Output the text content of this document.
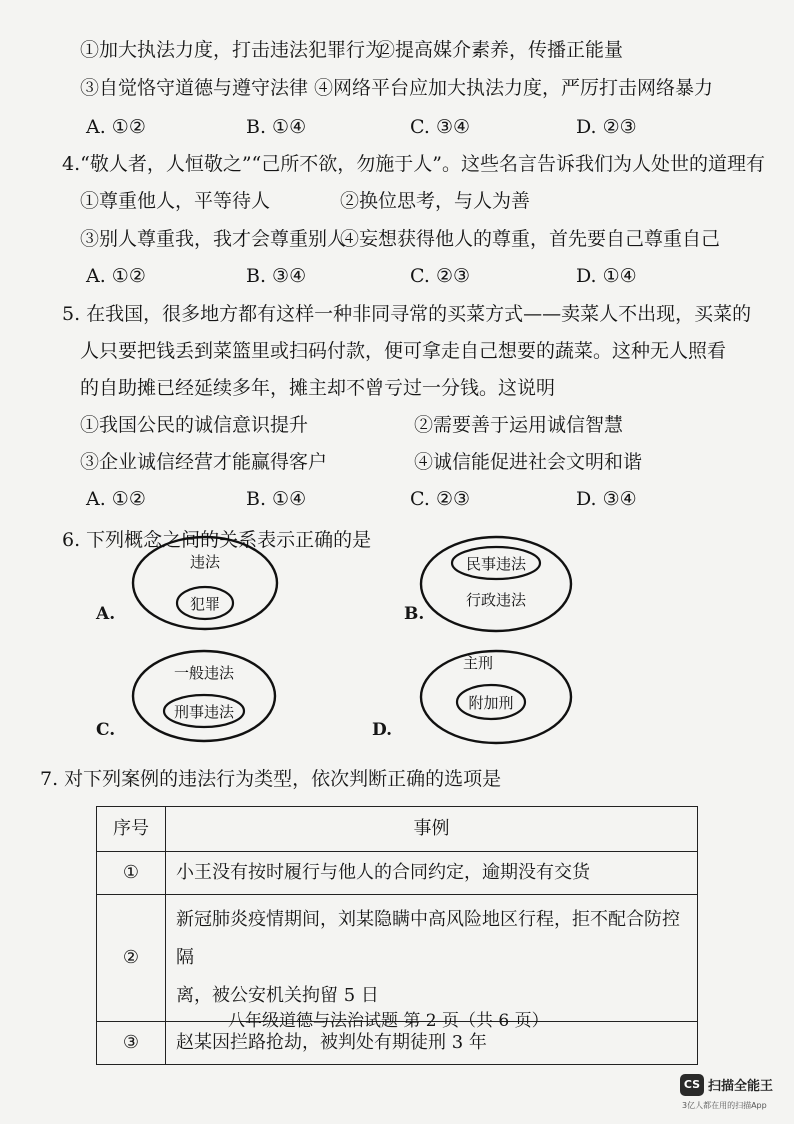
①加大执法力度，打击违法犯罪行为
②提高媒介素养，传播正能量
③自觉恪守道德与遵守法律 ④网络平台应加大执法力度，严厉打击网络暴力
A. ①②	B. ①④	C. ③④	D. ②③
4.“敬人者，人恒敬之”“己所不欲，勿施于人”。这些名言告诉我们为人处世的道理有
①尊重他人，平等待人	②换位思考，与人为善
③别人尊重我，我才会尊重别人
④妄想获得他人的尊重，首先要自己尊重自己
A. ①②	B. ③④	C. ②③	D. ①④
5. 在我国，很多地方都有这样一种非同寻常的买菜方式——卖菜人不出现，买菜的
人只要把钱丢到菜篮里或扫码付款，便可拿走自己想要的蔬菜。这种无人照看
的自助摊已经延续多年，摊主却不曾亏过一分钱。这说明
①我国公民的诚信意识提升	②需要善于运用诚信智慧
③企业诚信经营才能赢得客户	④诚信能促进社会文明和谐
A. ①②	B. ①④	C. ②③	D. ③④
6. 下列概念之间的关系表示正确的是
A.
违法
犯罪	B.
民事违法
行政违法
C.
一般违法
刑事违法
D.
主刑
附加刑
7. 对下列案例的违法行为类型，依次判断正确的选项是
序号	事例
①	小王没有按时履行与他人的合同约定，逾期没有交货
②	新冠肺炎疫情期间，刘某隐瞒中高风险地区行程，拒不配合防控隔
离，被公安机关拘留 5 日

③	赵某因拦路抢劫，被判处有期徒刑 3 年
八年级道德与法治试题 第 2 页（共 6 页）
CS 扫描全能王
3亿人都在用的扫描App
